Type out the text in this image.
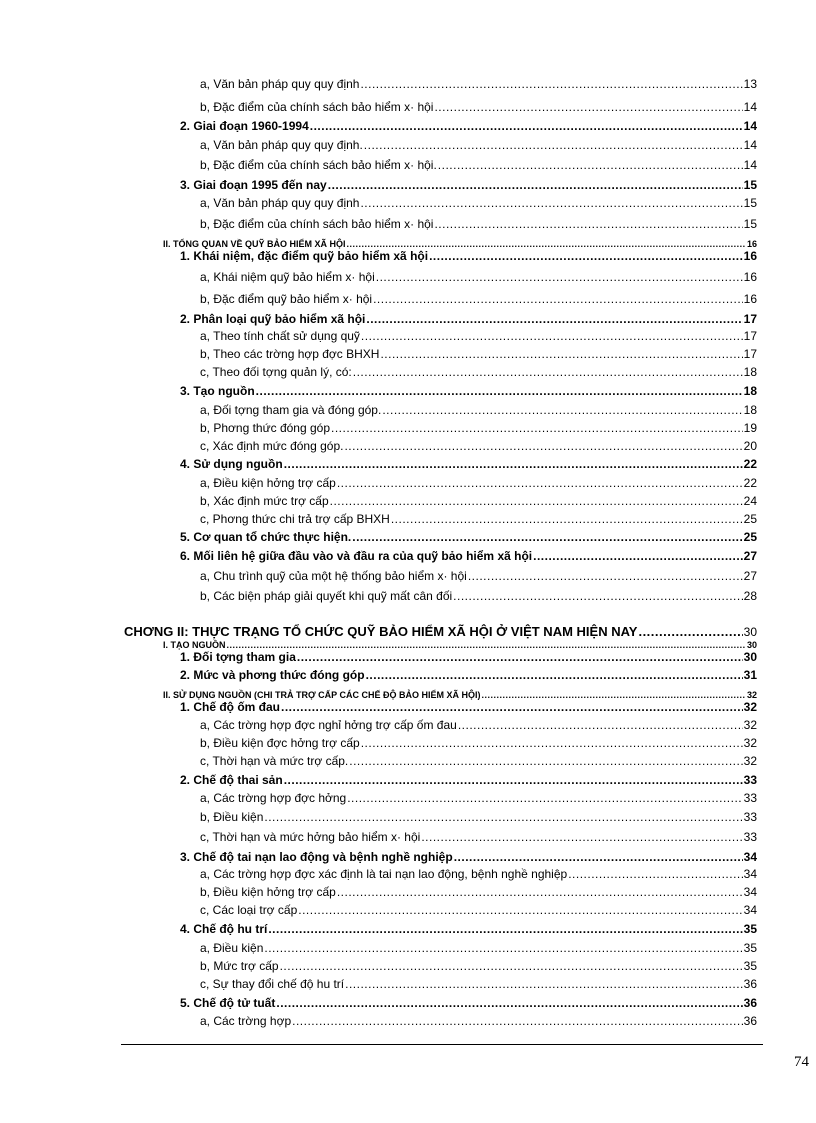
a, Văn bản pháp quy quy định .....	13
b, Đặc điểm của chính sách bảo hiểm x· hội .....	14
2. Giai đoạn 1960-1994 .....	14
a, Văn bản pháp quy quy định. .....	14
b, Đặc điểm của chính sách bảo hiểm x· hội. .....	14
3. Giai đoạn 1995 đến nay .....	15
a, Văn bản pháp quy quy định .....	15
b, Đặc điểm của chính sách bảo hiểm x· hội .....	15
II. TỔNG QUAN VỀ QUỸ BẢO HIỂM XÃ HỘI .....	16
1. Khái niệm, đặc điểm quỹ bảo hiểm xã hội .....	16
a, Khái niệm quỹ bảo hiểm x· hội .....	16
b, Đặc điểm quỹ bảo hiểm x· hội .....	16
2. Phân loại quỹ bảo hiểm xã hội .....	17
a, Theo tính chất sử dụng quỹ .....	17
b, Theo các trờng hợp đợc BHXH .....	17
c, Theo đối tợng quản lý, có: .....	18
3. Tạo nguồn .....	18
a, Đối tợng tham gia và đóng góp. .....	18
b, Phơng thức đóng góp .....	19
c, Xác định mức đóng góp. .....	20
4. Sử dụng nguồn .....	22
a, Điều kiện hởng trợ cấp .....	22
b, Xác định mức trợ cấp .....	24
c, Phơng thức chi trả trợ cấp BHXH .....	25
5. Cơ quan tổ chức thực hiện. .....	25
6. Mối liên hệ giữa đầu vào và đầu ra của quỹ bảo hiểm xã hội .....	27
a, Chu trình quỹ của một hệ thống bảo hiểm x· hội .....	27
b, Các biện pháp giải quyết khi quỹ mất cân đối .....	28
CHƠNG II: THỰC TRẠNG TỔ CHỨC QUỸ BẢO HIỂM XÃ HỘI Ở VIỆT NAM HIỆN NAY .....	30
I. TẠO NGUỒN .....	30
1. Đối tợng tham gia .....	30
2. Mức và phơng thức đóng góp .....	31
II. SỬ DỤNG NGUỒN (CHI TRẢ TRỢ CẤP CÁC CHẾ ĐỘ BẢO HIỂM XÃ HỘI) .....	32
1. Chế độ ốm đau .....	32
a, Các trờng hợp đợc nghỉ hởng trợ cấp ốm đau .....	32
b, Điều kiện đợc hởng trợ cấp .....	32
c, Thời hạn và mức trợ cấp. .....	32
2. Chế độ thai sản .....	33
a, Các trờng hợp đợc hởng .....	33
b, Điều kiện .....	33
c, Thời hạn và mức hởng bảo hiểm x· hội .....	33
3. Chế độ tai nạn lao động và bệnh nghề nghiệp .....	34
a, Các trờng hợp đợc xác định là tai nạn lao động, bệnh nghề nghiệp .....	34
b, Điều kiện hởng trợ cấp .....	34
c, Các loại trợ cấp .....	34
4. Chế độ hu trí .....	35
a, Điều kiện .....	35
b, Mức trợ cấp .....	35
c, Sự thay đổi chế độ hu trí .....	36
5. Chế độ tử tuất .....	36
a, Các trờng hợp .....	36
74
